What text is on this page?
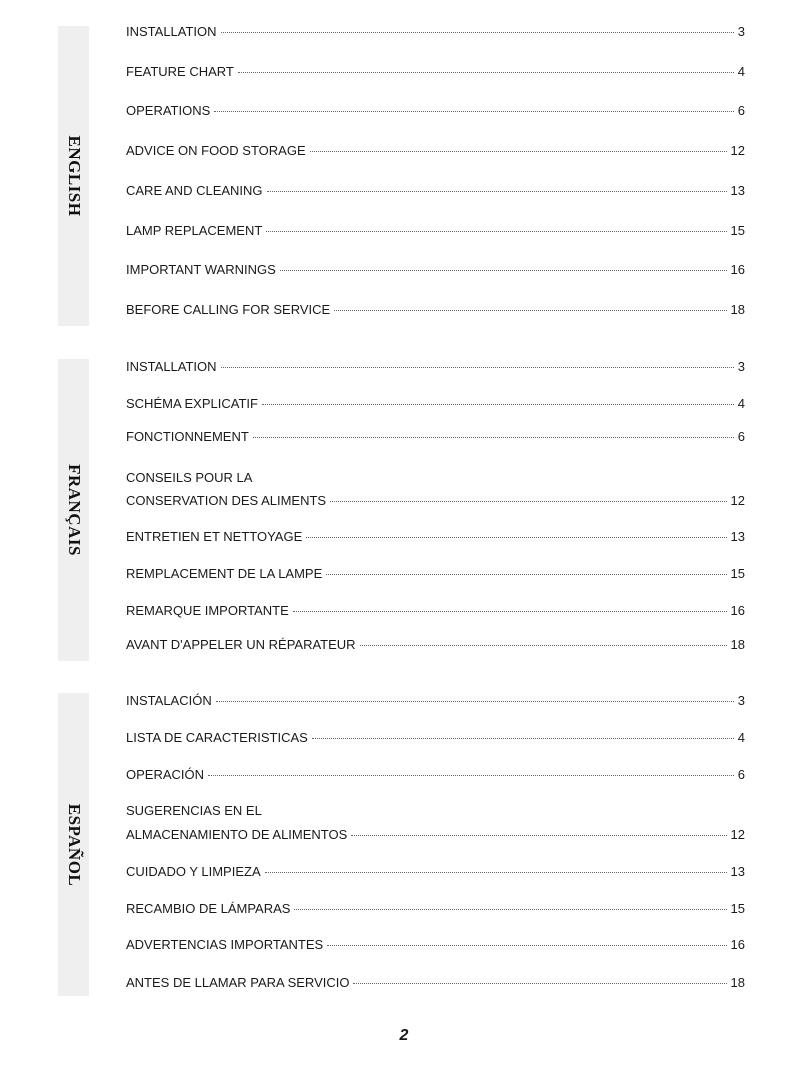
ENGLISH
INSTALLATION	3
FEATURE CHART	4
OPERATIONS	6
ADVICE ON FOOD STORAGE	12
CARE AND CLEANING	13
LAMP REPLACEMENT	15
IMPORTANT WARNINGS	16
BEFORE CALLING FOR SERVICE	18
FRANÇAIS
INSTALLATION	3
SCHÉMA EXPLICATIF	4
FONCTIONNEMENT	6
CONSEILS POUR LA
CONSERVATION DES ALIMENTS	12
ENTRETIEN ET NETTOYAGE	13
REMPLACEMENT DE LA LAMPE	15
REMARQUE IMPORTANTE	16
AVANT D'APPELER UN RÉPARATEUR	18
ESPAÑOL
INSTALACIÓN	3
LISTA DE CARACTERISTICAS	4
OPERACIÓN	6
SUGERENCIAS EN EL
ALMACENAMIENTO DE ALIMENTOS	12
CUIDADO Y LIMPIEZA	13
RECAMBIO DE LÁMPARAS	15
ADVERTENCIAS IMPORTANTES	16
ANTES DE LLAMAR PARA SERVICIO	18
2
